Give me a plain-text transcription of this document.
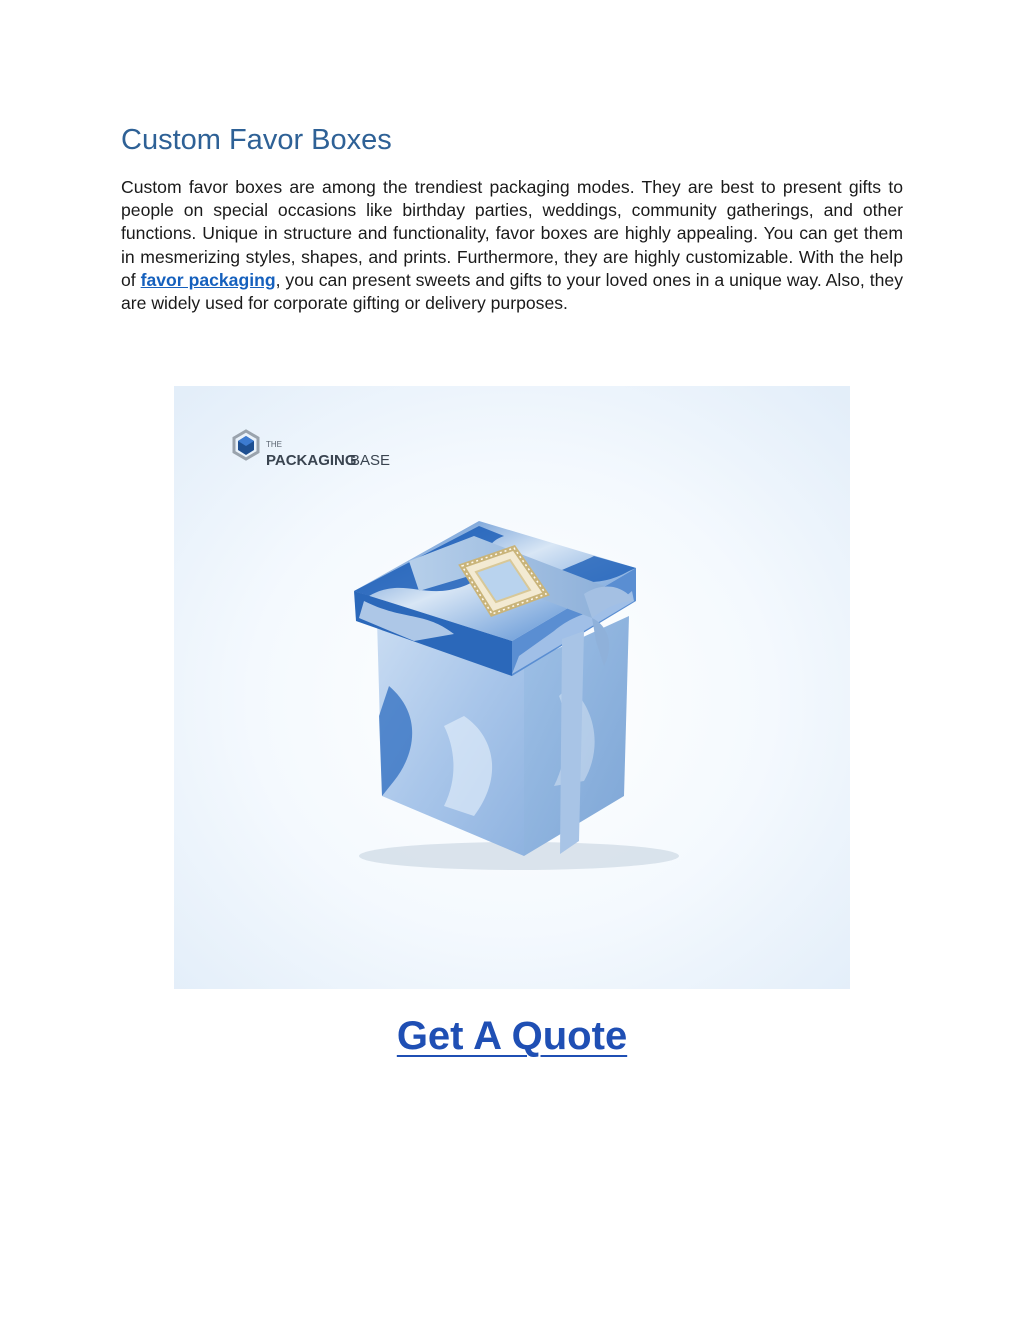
Custom Favor Boxes

Custom favor boxes are among the trendiest packaging modes. They are best to present gifts to people on special occasions like birthday parties, weddings, community gatherings, and other functions. Unique in structure and functionality, favor boxes are highly appealing. You can get them in mesmerizing styles, shapes, and prints. Furthermore, they are highly customizable. With the help of favor packaging, you can present sweets and gifts to your loved ones in a unique way. Also, they are widely used for corporate gifting or delivery purposes.

THE
PACKAGING
BASE
Get A Quote
